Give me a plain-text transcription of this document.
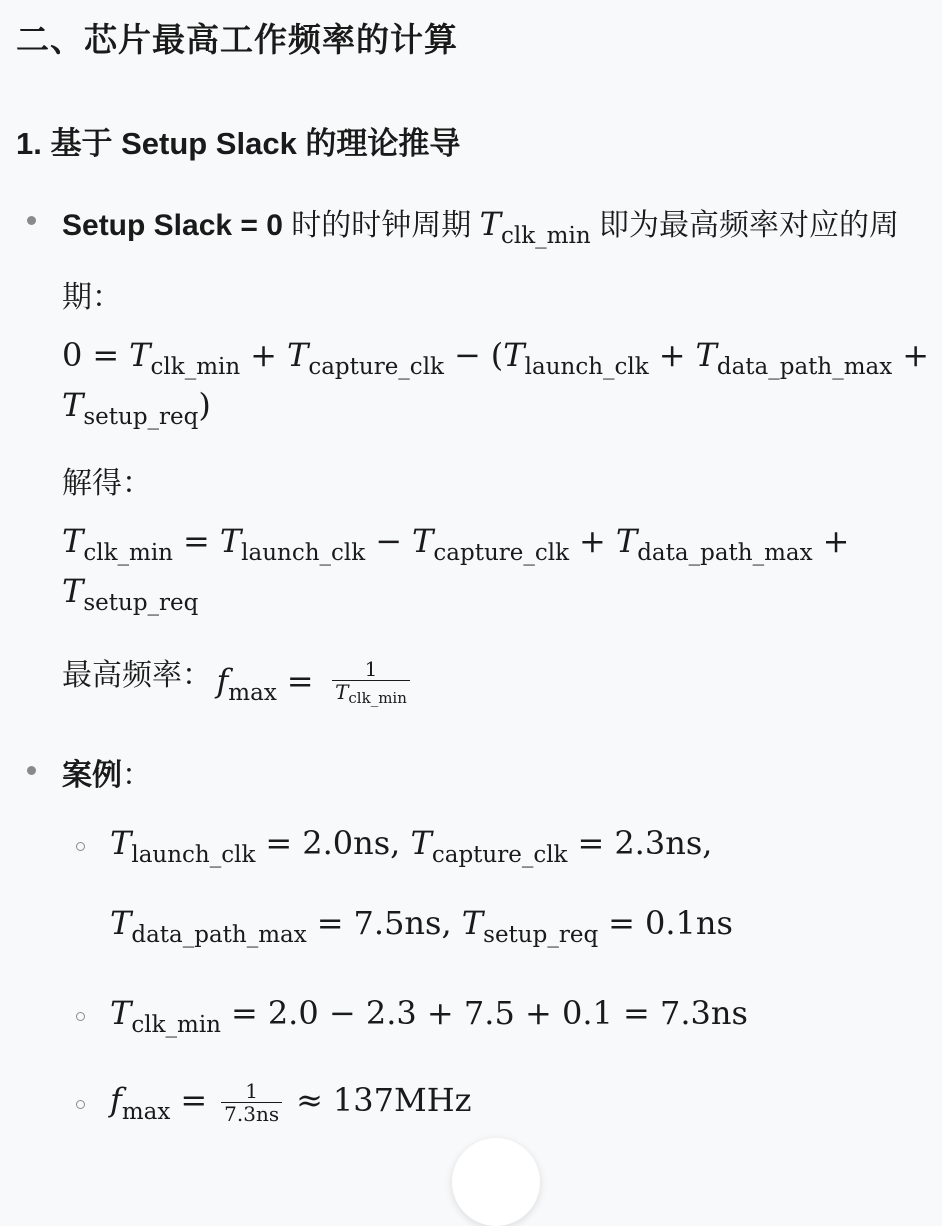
二、芯片最高工作频率的计算
1. 基于 Setup Slack 的理论推导
Setup Slack = 0 时的时钟周期 $T_{clk\_min}$ 即为最高频率对应的周
期：
$0 = T_{clk\_min} + T_{capture\_clk} - (T_{launch\_clk} + T_{data\_path\_max}$ +
$T_{setup\_req}$)
解得：
$T_{clk\_min} = T_{launch\_clk} - T_{capture\_clk} + T_{data\_path\_max}$ +
$T_{setup\_req}$
最高频率： $f_{max} = \frac{1}{T_{clk\_min}}$
案例：
$T_{launch\_clk} = 2.0ns$, $T_{capture\_clk} = 2.3ns$,
$T_{data\_path\_max} = 7.5ns$, $T_{setup\_req} = 0.1ns$
$T_{clk\_min} = 2.0 - 2.3 + 7.5 + 0.1 = 7.3ns$
$f_{max} = \frac{1}{7.3ns} \approx 137MHz$
